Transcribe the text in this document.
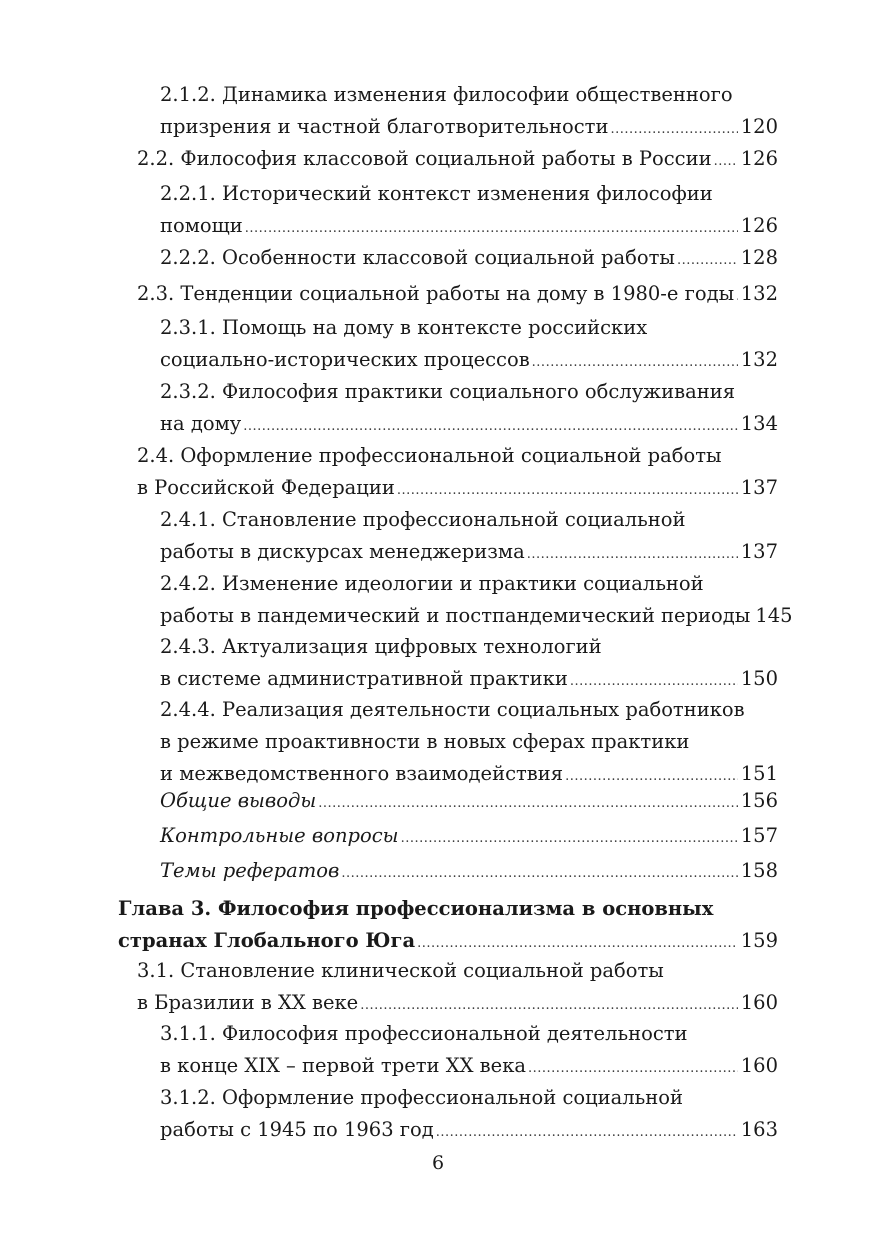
2.1.2. Динамика изменения философии общественного
призрения и частной благотворительности .....	120
2.2. Философия классовой социальной работы в России ..... 126
2.2.1. Исторический контекст изменения философии
помощи .....	126
2.2.2. Особенности классовой социальной работы .....	128
2.3. Тенденции социальной работы на дому в 1980-е годы ..... 132
2.3.1. Помощь на дому в контексте российских
социально-исторических процессов .....	132
2.3.2. Философия практики социального обслуживания
на дому .....	134
2.4. Оформление профессиональной социальной работы
в Российской Федерации .....	137
2.4.1. Становление профессиональной социальной
работы в дискурсах менеджеризма .....	137
2.4.2. Изменение идеологии и практики социальной
работы в пандемический и постпандемический периоды 145
2.4.3. Актуализация цифровых технологий
в системе административной практики .....	150
2.4.4. Реализация деятельности социальных работников
в режиме проактивности в новых сферах практики
и межведомственного взаимодействия .....	151
Общие выводы .....	156
Контрольные вопросы .....	157
Темы рефератов .....	158
Глава 3. Философия профессионализма в основных
странах Глобального Юга .....	159
3.1. Становление клинической социальной работы
в Бразилии в XX веке .....	160
3.1.1. Философия профессиональной деятельности
в конце XIX – первой трети XX века .....	160
3.1.2. Оформление профессиональной социальной
работы с 1945 по 1963 год .....	163
6
